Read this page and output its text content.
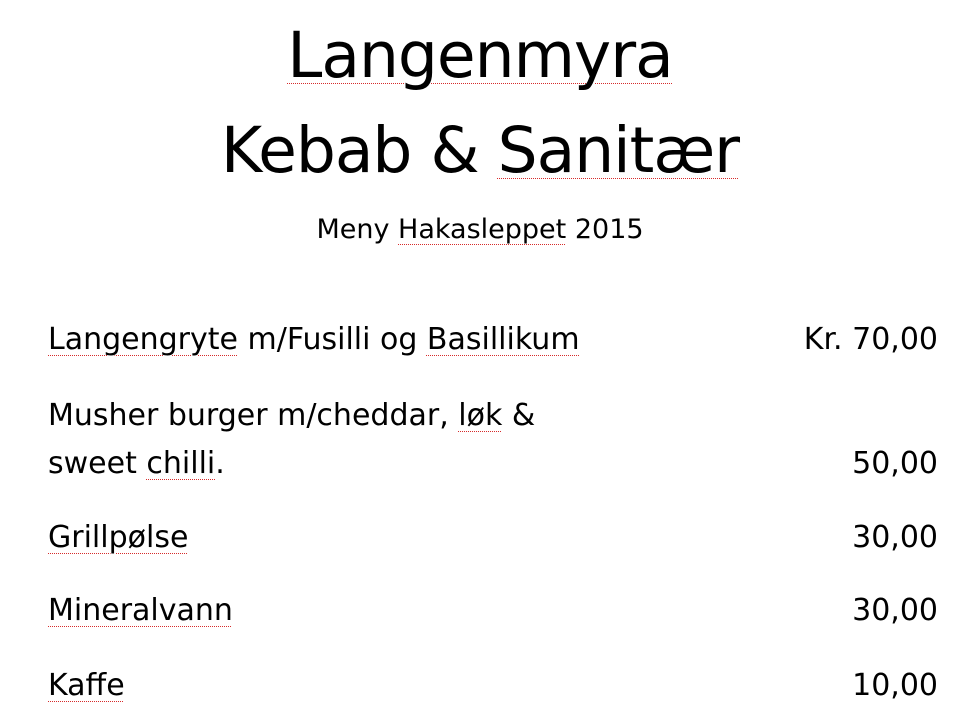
Langenmyra
Kebab & Sanitær
Meny Hakasleppet 2015
Langengryte m/Fusilli og Basillikum	Kr. 70,00
Musher burger m/cheddar, løk &
sweet chilli.	50,00
Grillpølse	30,00
Mineralvann	30,00
Kaffe	10,00
